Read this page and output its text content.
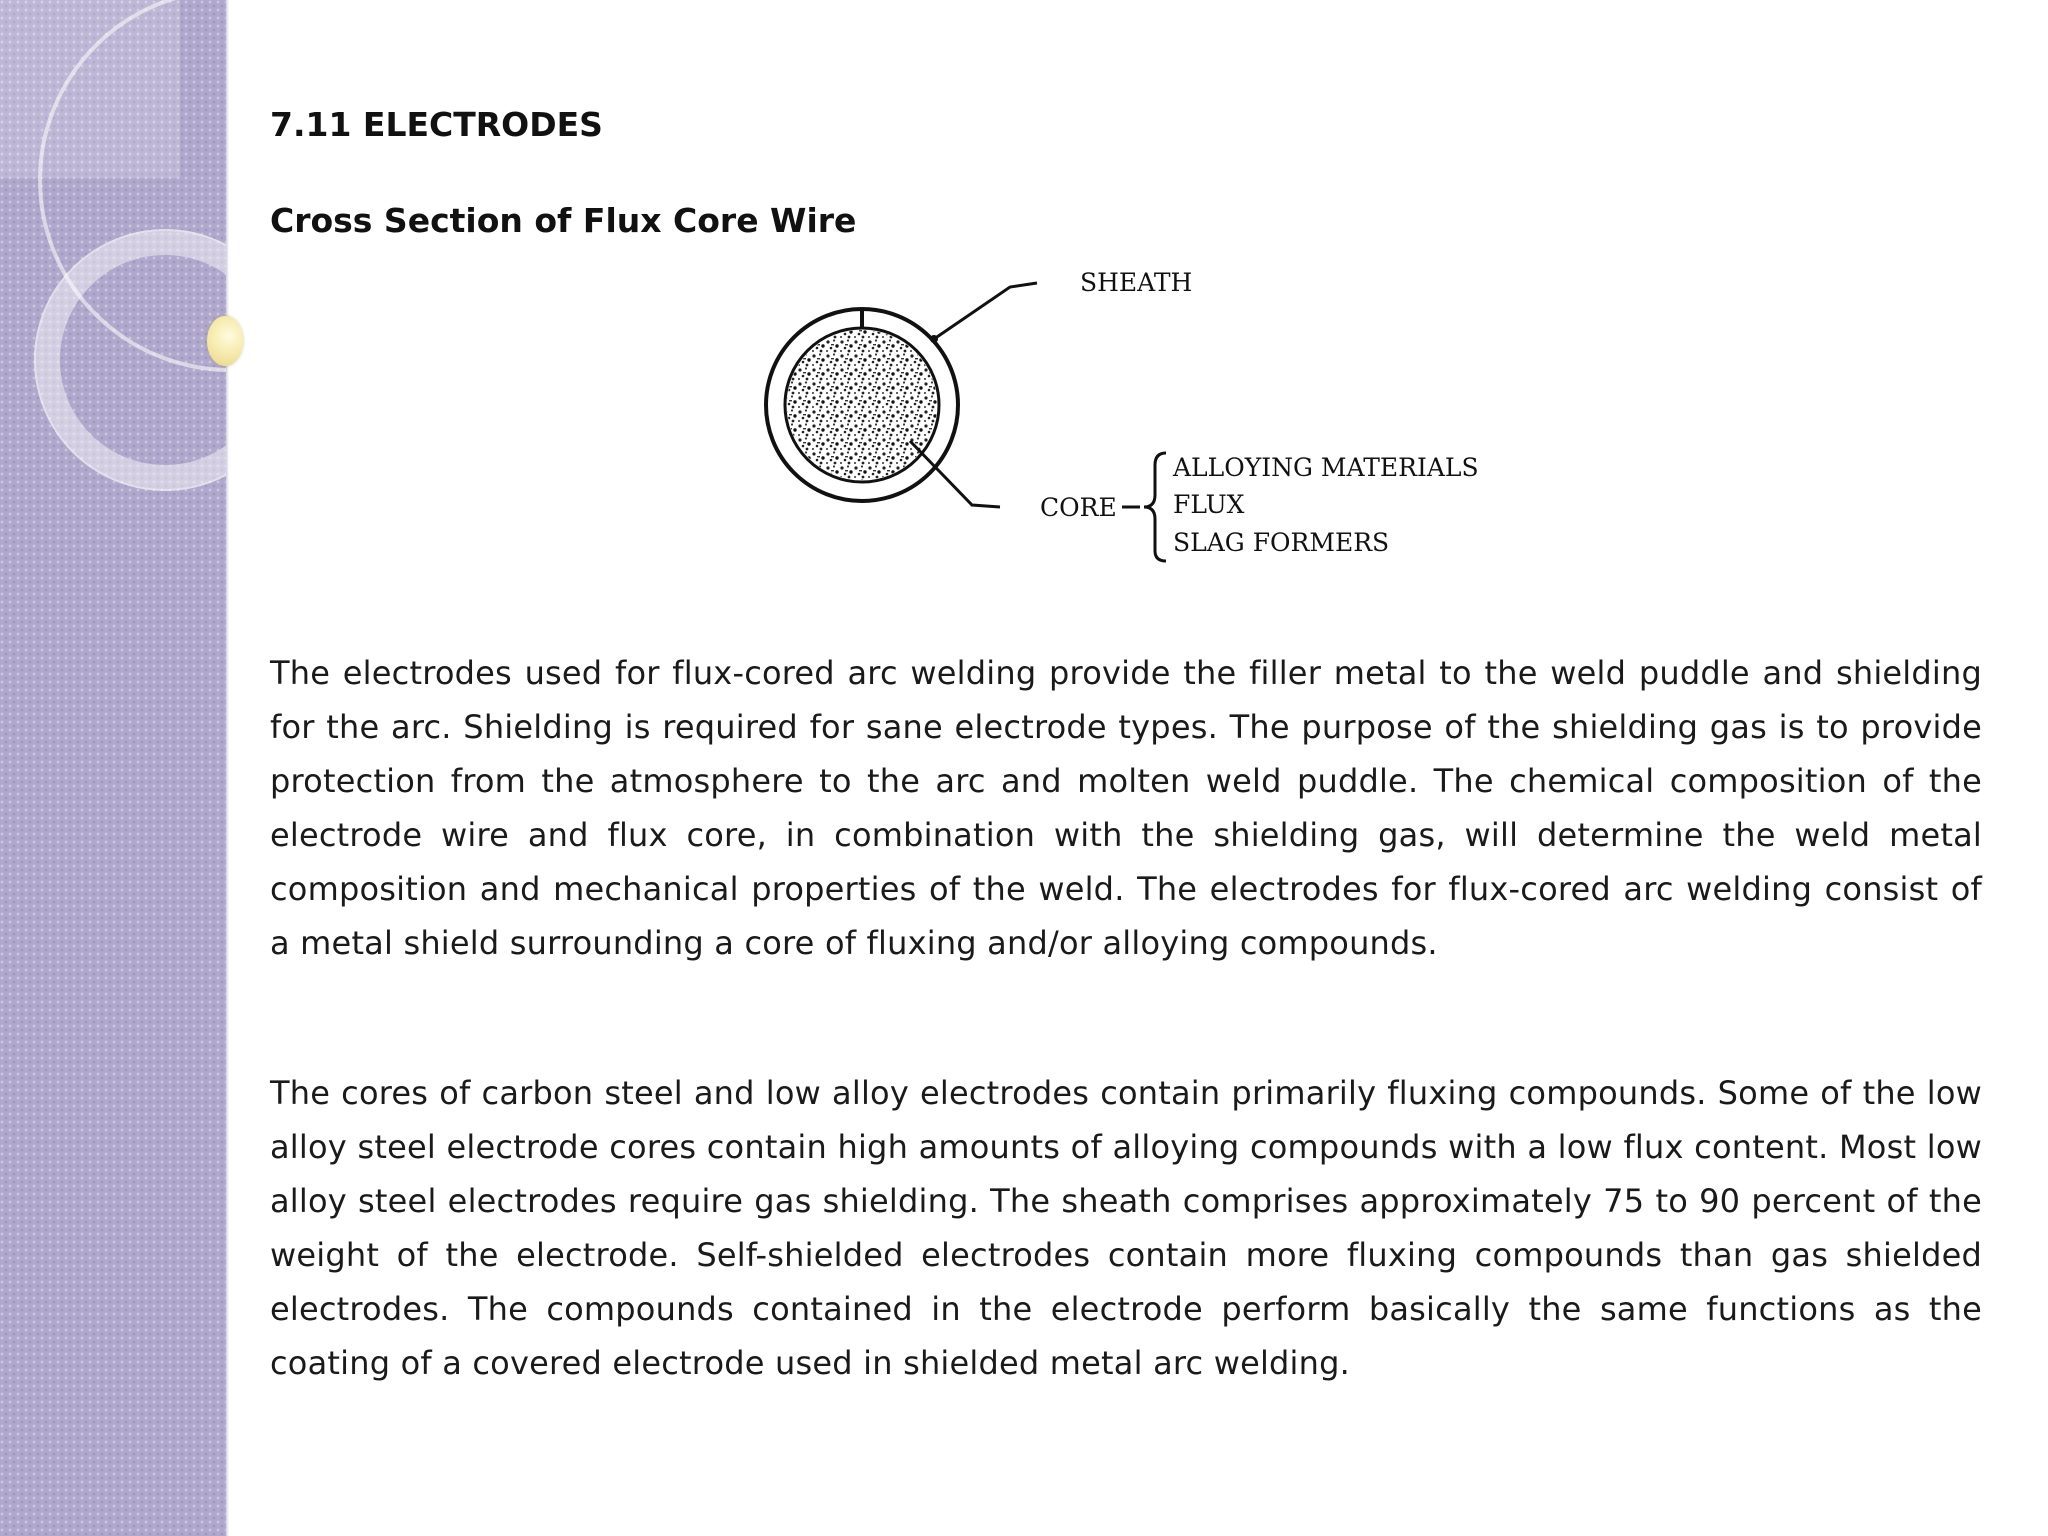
7.11 ELECTRODES
Cross Section of Flux Core Wire
SHEATH
CORE
ALLOYING MATERIALS
FLUX
SLAG FORMERS

The electrodes used for flux-cored arc welding provide the filler metal to the weld puddle and shielding for the arc. Shielding is required for sane electrode types. The purpose of the shielding gas is to provide protection from the atmosphere to the arc and molten weld puddle. The chemical composition of the electrode wire and flux core, in combination with the shielding gas, will determine the weld metal composition and mechanical properties of the weld. The electrodes for flux-cored arc welding consist of a metal shield surrounding a core of fluxing and/or alloying compounds.

The cores of carbon steel and low alloy electrodes contain primarily fluxing compounds. Some of the low alloy steel electrode cores contain high amounts of alloying compounds with a low flux content. Most low alloy steel electrodes require gas shielding. The sheath comprises approximately 75 to 90 percent of the weight of the electrode. Self-shielded electrodes contain more fluxing compounds than gas shielded electrodes. The compounds contained in the electrode perform basically the same functions as the coating of a covered electrode used in shielded metal arc welding.
